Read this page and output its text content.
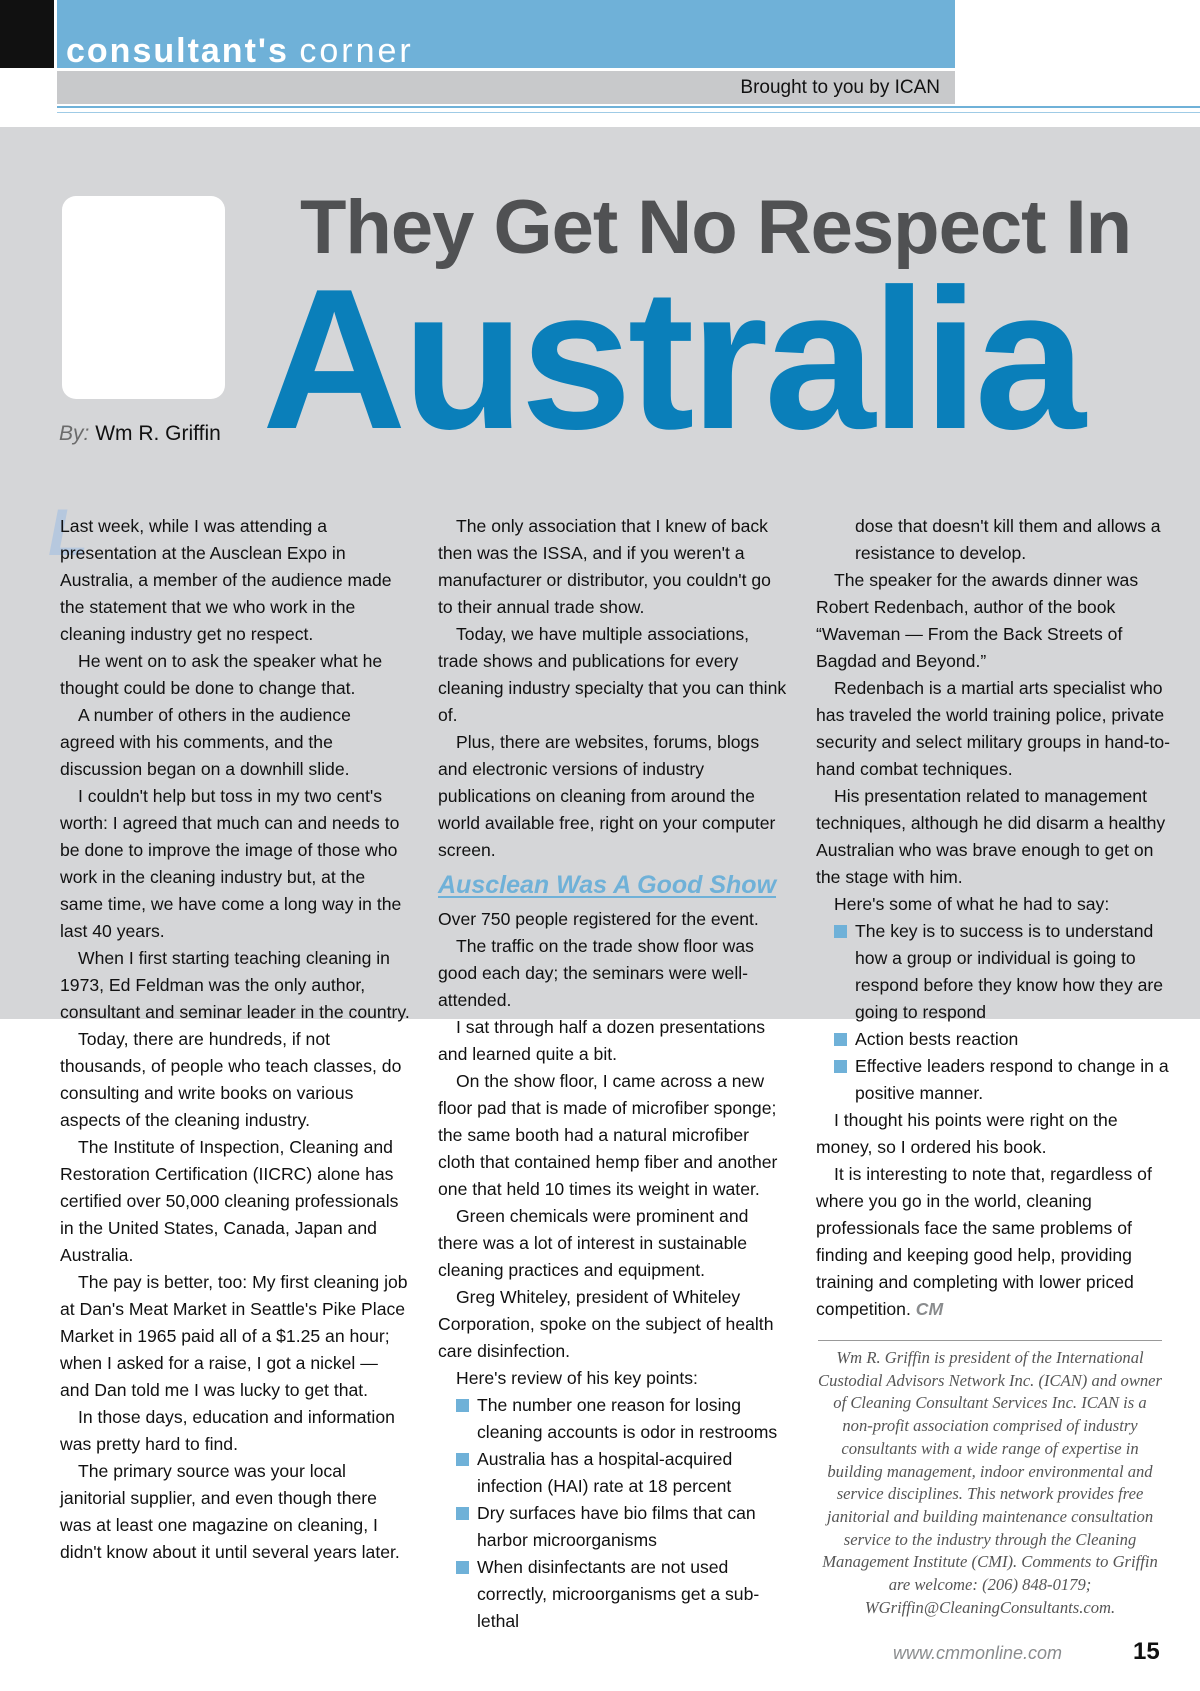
consultant's corner
Brought to you by ICAN
They Get No Respect In
Australia
By: Wm R. Griffin
L

Last week, while I was attending a presentation at the Ausclean Expo in Australia, a member of the audience made the statement that we who work in the cleaning industry get no respect.

He went on to ask the speaker what he thought could be done to change that.

A number of others in the audience agreed with his comments, and the discussion began on a downhill slide.

I couldn't help but toss in my two cent's worth: I agreed that much can and needs to be done to improve the image of those who work in the cleaning industry but, at the same time, we have come a long way in the last 40 years.

When I first starting teaching cleaning in 1973, Ed Feldman was the only author, consultant and seminar leader in the country.

Today, there are hundreds, if not thousands, of people who teach classes, do consulting and write books on various aspects of the cleaning industry.

The Institute of Inspection, Cleaning and Restoration Certification (IICRC) alone has certified over 50,000 cleaning professionals in the United States, Canada, Japan and Australia.

The pay is better, too: My first cleaning job at Dan's Meat Market in Seattle's Pike Place Market in 1965 paid all of a $1.25 an hour; when I asked for a raise, I got a nickel — and Dan told me I was lucky to get that.

In those days, education and information was pretty hard to find.

The primary source was your local janitorial supplier, and even though there was at least one magazine on cleaning, I didn't know about it until several years later.

The only association that I knew of back then was the ISSA, and if you weren't a manufacturer or distributor, you couldn't go to their annual trade show.

Today, we have multiple associations, trade shows and publications for every cleaning industry specialty that you can think of.

Plus, there are websites, forums, blogs and electronic versions of industry publications on cleaning from around the world available free, right on your computer screen.

Ausclean Was A Good Show

Over 750 people registered for the event.

The traffic on the trade show floor was good each day; the seminars were well-attended.

I sat through half a dozen presentations and learned quite a bit.

On the show floor, I came across a new floor pad that is made of microfiber sponge; the same booth had a natural microfiber cloth that contained hemp fiber and another one that held 10 times its weight in water.

Green chemicals were prominent and there was a lot of interest in sustainable cleaning practices and equipment.

Greg Whiteley, president of Whiteley Corporation, spoke on the subject of health care disinfection.

Here's review of his key points:

The number one reason for losing cleaning accounts is odor in restrooms
Australia has a hospital-acquired infection (HAI) rate at 18 percent
Dry surfaces have bio films that can harbor microorganisms
When disinfectants are not used correctly, microorganisms get a sub-lethal

dose that doesn't kill them and allows a resistance to develop.

The speaker for the awards dinner was Robert Redenbach, author of the book “Waveman — From the Back Streets of Bagdad and Beyond.”

Redenbach is a martial arts specialist who has traveled the world training police, private security and select military groups in hand-to-hand combat techniques.

His presentation related to management techniques, although he did disarm a healthy Australian who was brave enough to get on the stage with him.

Here's some of what he had to say:

The key is to success is to understand how a group or individual is going to respond before they know how they are going to respond
Action bests reaction
Effective leaders respond to change in a positive manner.

I thought his points were right on the money, so I ordered his book.

It is interesting to note that, regardless of where you go in the world, cleaning professionals face the same problems of finding and keeping good help, providing training and completing with lower priced competition. CM

Wm R. Griffin is president of the International Custodial Advisors Network Inc. (ICAN) and owner of Cleaning Consultant Services Inc. ICAN is a non-profit association comprised of industry consultants with a wide range of expertise in building management, indoor environmental and service disciplines. This network provides free janitorial and building maintenance consultation service to the industry through the Cleaning Management Institute (CMI). Comments to Griffin are welcome: (206) 848-0179; WGriffin@CleaningConsultants.com.
www.cmmonline.com	15
